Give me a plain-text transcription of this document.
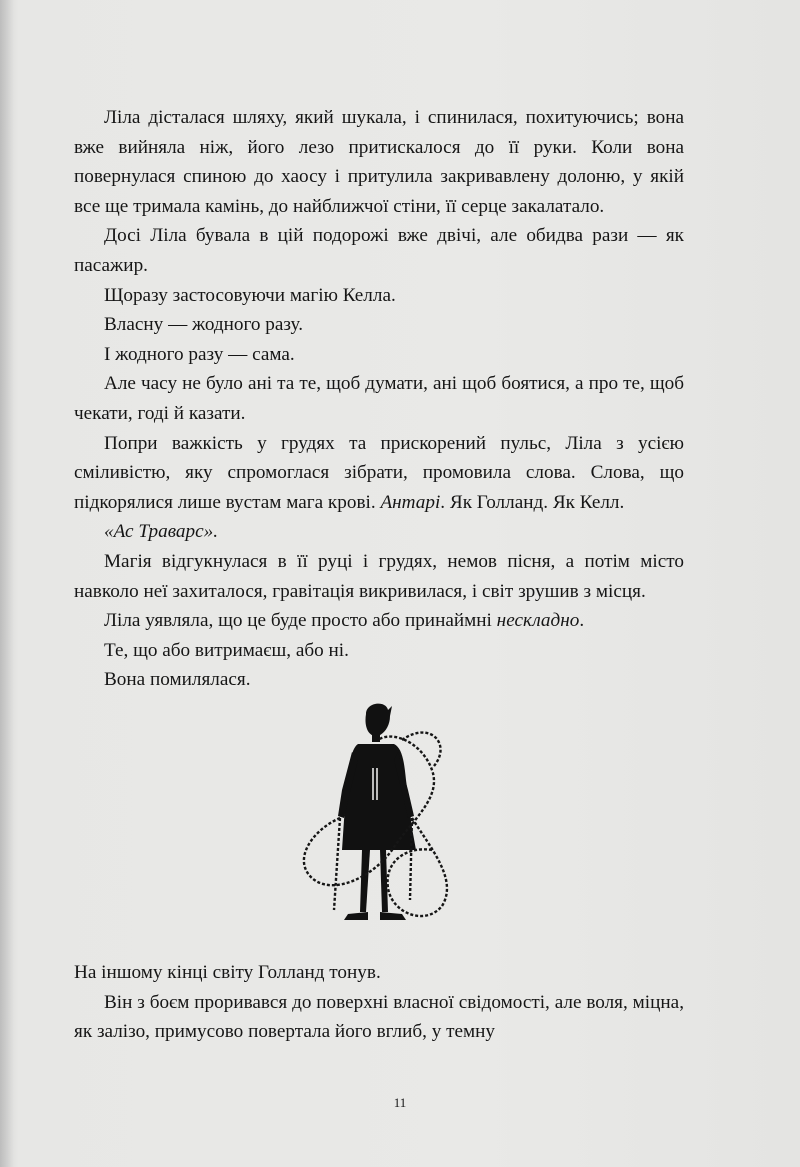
Ліла дісталася шляху, який шукала, і спинилася, похитуючись; вона вже вийняла ніж, його лезо притискалося до її руки. Коли вона повернулася спиною до хаосу і притулила закривавлену долоню, у якій все ще тримала камінь, до найближчої стіни, її серце закалатало.

Досі Ліла бувала в цій подорожі вже двічі, але обидва рази — як пасажир.

Щоразу застосовуючи магію Келла.

Власну — жодного разу.

І жодного разу — сама.

Але часу не було ані та те, щоб думати, ані щоб боятися, а про те, щоб чекати, годі й казати.

Попри важкість у грудях та прискорений пульс, Ліла з усією сміливістю, яку спромоглася зібрати, промовила слова. Слова, що підкорялися лише вустам мага крові. Антарі. Як Голланд. Як Келл.

«Ас Траварс».

Магія відгукнулася в її руці і грудях, немов пісня, а потім місто навколо неї захиталося, гравітація викривилася, і світ зрушив з місця.

Ліла уявляла, що це буде просто або принаймні нескладно.

Те, що або витримаєш, або ні.

Вона помилялася.

На іншому кінці світу Голланд тонув.

Він з боєм проривався до поверхні власної свідомості, але воля, міцна, як залізо, примусово повертала його вглиб, у темну

11
